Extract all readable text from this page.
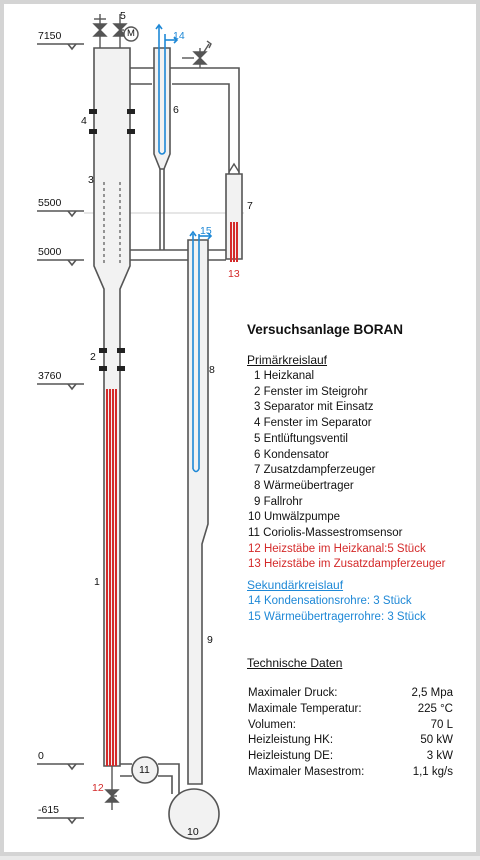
7150
5500
5000
3760
0
-615
1
2
3
4
5
6
7
8
9
10
11
12
13
14
15
M
Versuchsanlage BORAN
Primärkreislauf
1 Heizkanal
2 Fenster im Steigrohr
3 Separator mit Einsatz
4 Fenster im Separator
5 Entlüftungsventil
6 Kondensator
7 Zusatzdampferzeuger
8 Wärmeübertrager
9 Fallrohr
10 Umwälzpumpe
11 Coriolis-Massestromsensor
12 Heizstäbe im Heizkanal:5 Stück
13 Heizstäbe im Zusatzdampferzeuger
Sekundärkreislauf
14 Kondensationsrohre: 3 Stück
15 Wärmeübertragerrohre: 3 Stück
Technische Daten
Maximaler Druck:	2,5 Mpa
Maximale Temperatur:	225 °C
Volumen:	70 L
Heizleistung HK:	50 kW
Heizleistung DE:	3 kW
Maximaler Masestrom:	1,1 kg/s
